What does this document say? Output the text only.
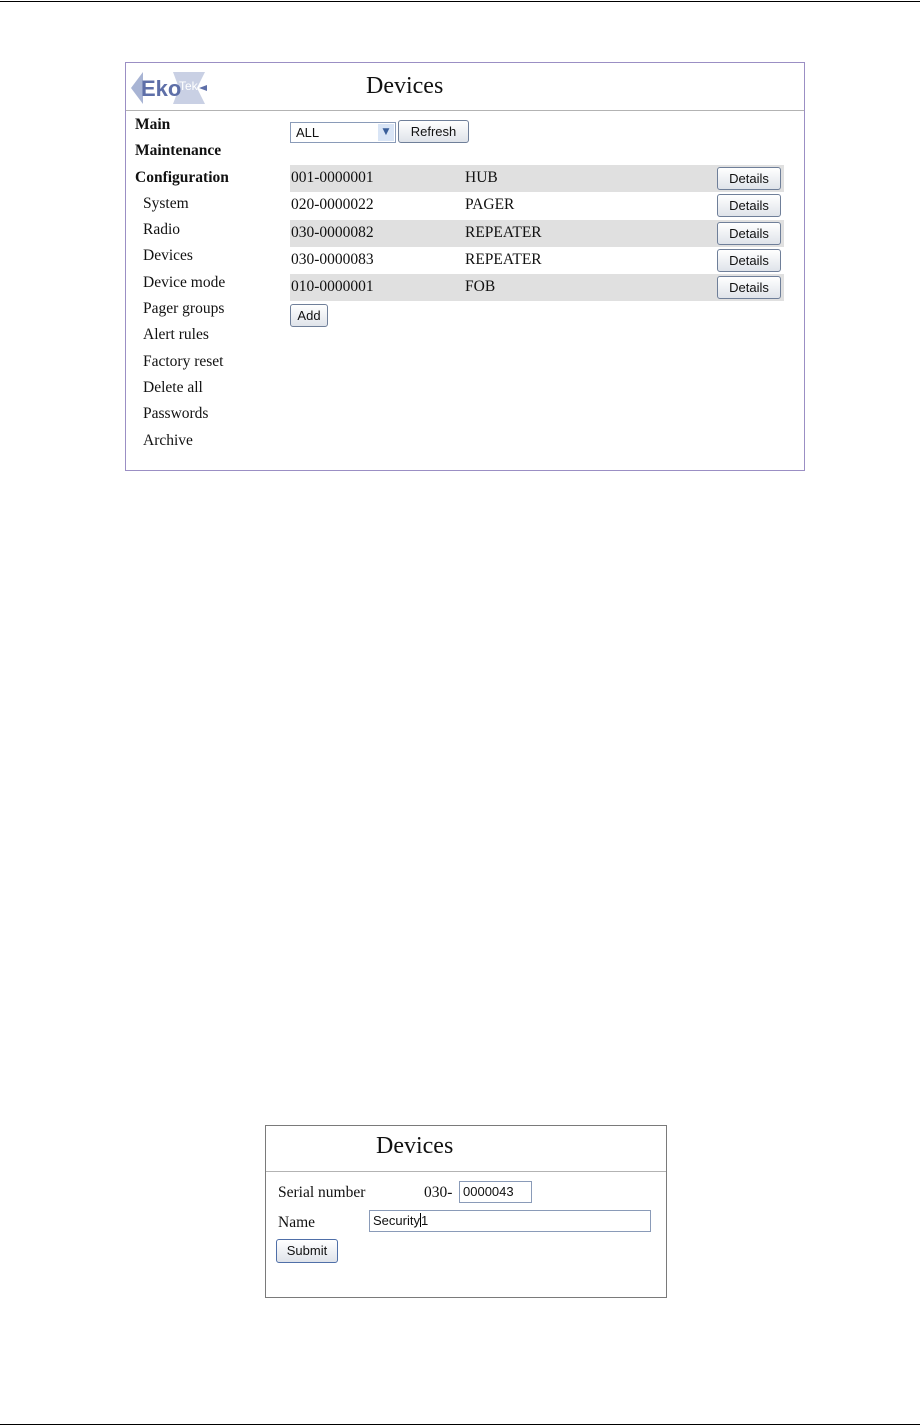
Eko
Tek	Devices
Main
Maintenance
Configuration
System
Radio
Devices
Device mode
Pager groups
Alert rules
Factory reset
Delete all
Passwords
Archive
ALL	▼	Refresh
001-0000001	HUB	Details
020-0000022	PAGER	Details
030-0000082	REPEATER	Details
030-0000083	REPEATER	Details
010-0000001	FOB	Details
Add
Devices
Serial number	030- 0000043
Name	Security1
Submit
